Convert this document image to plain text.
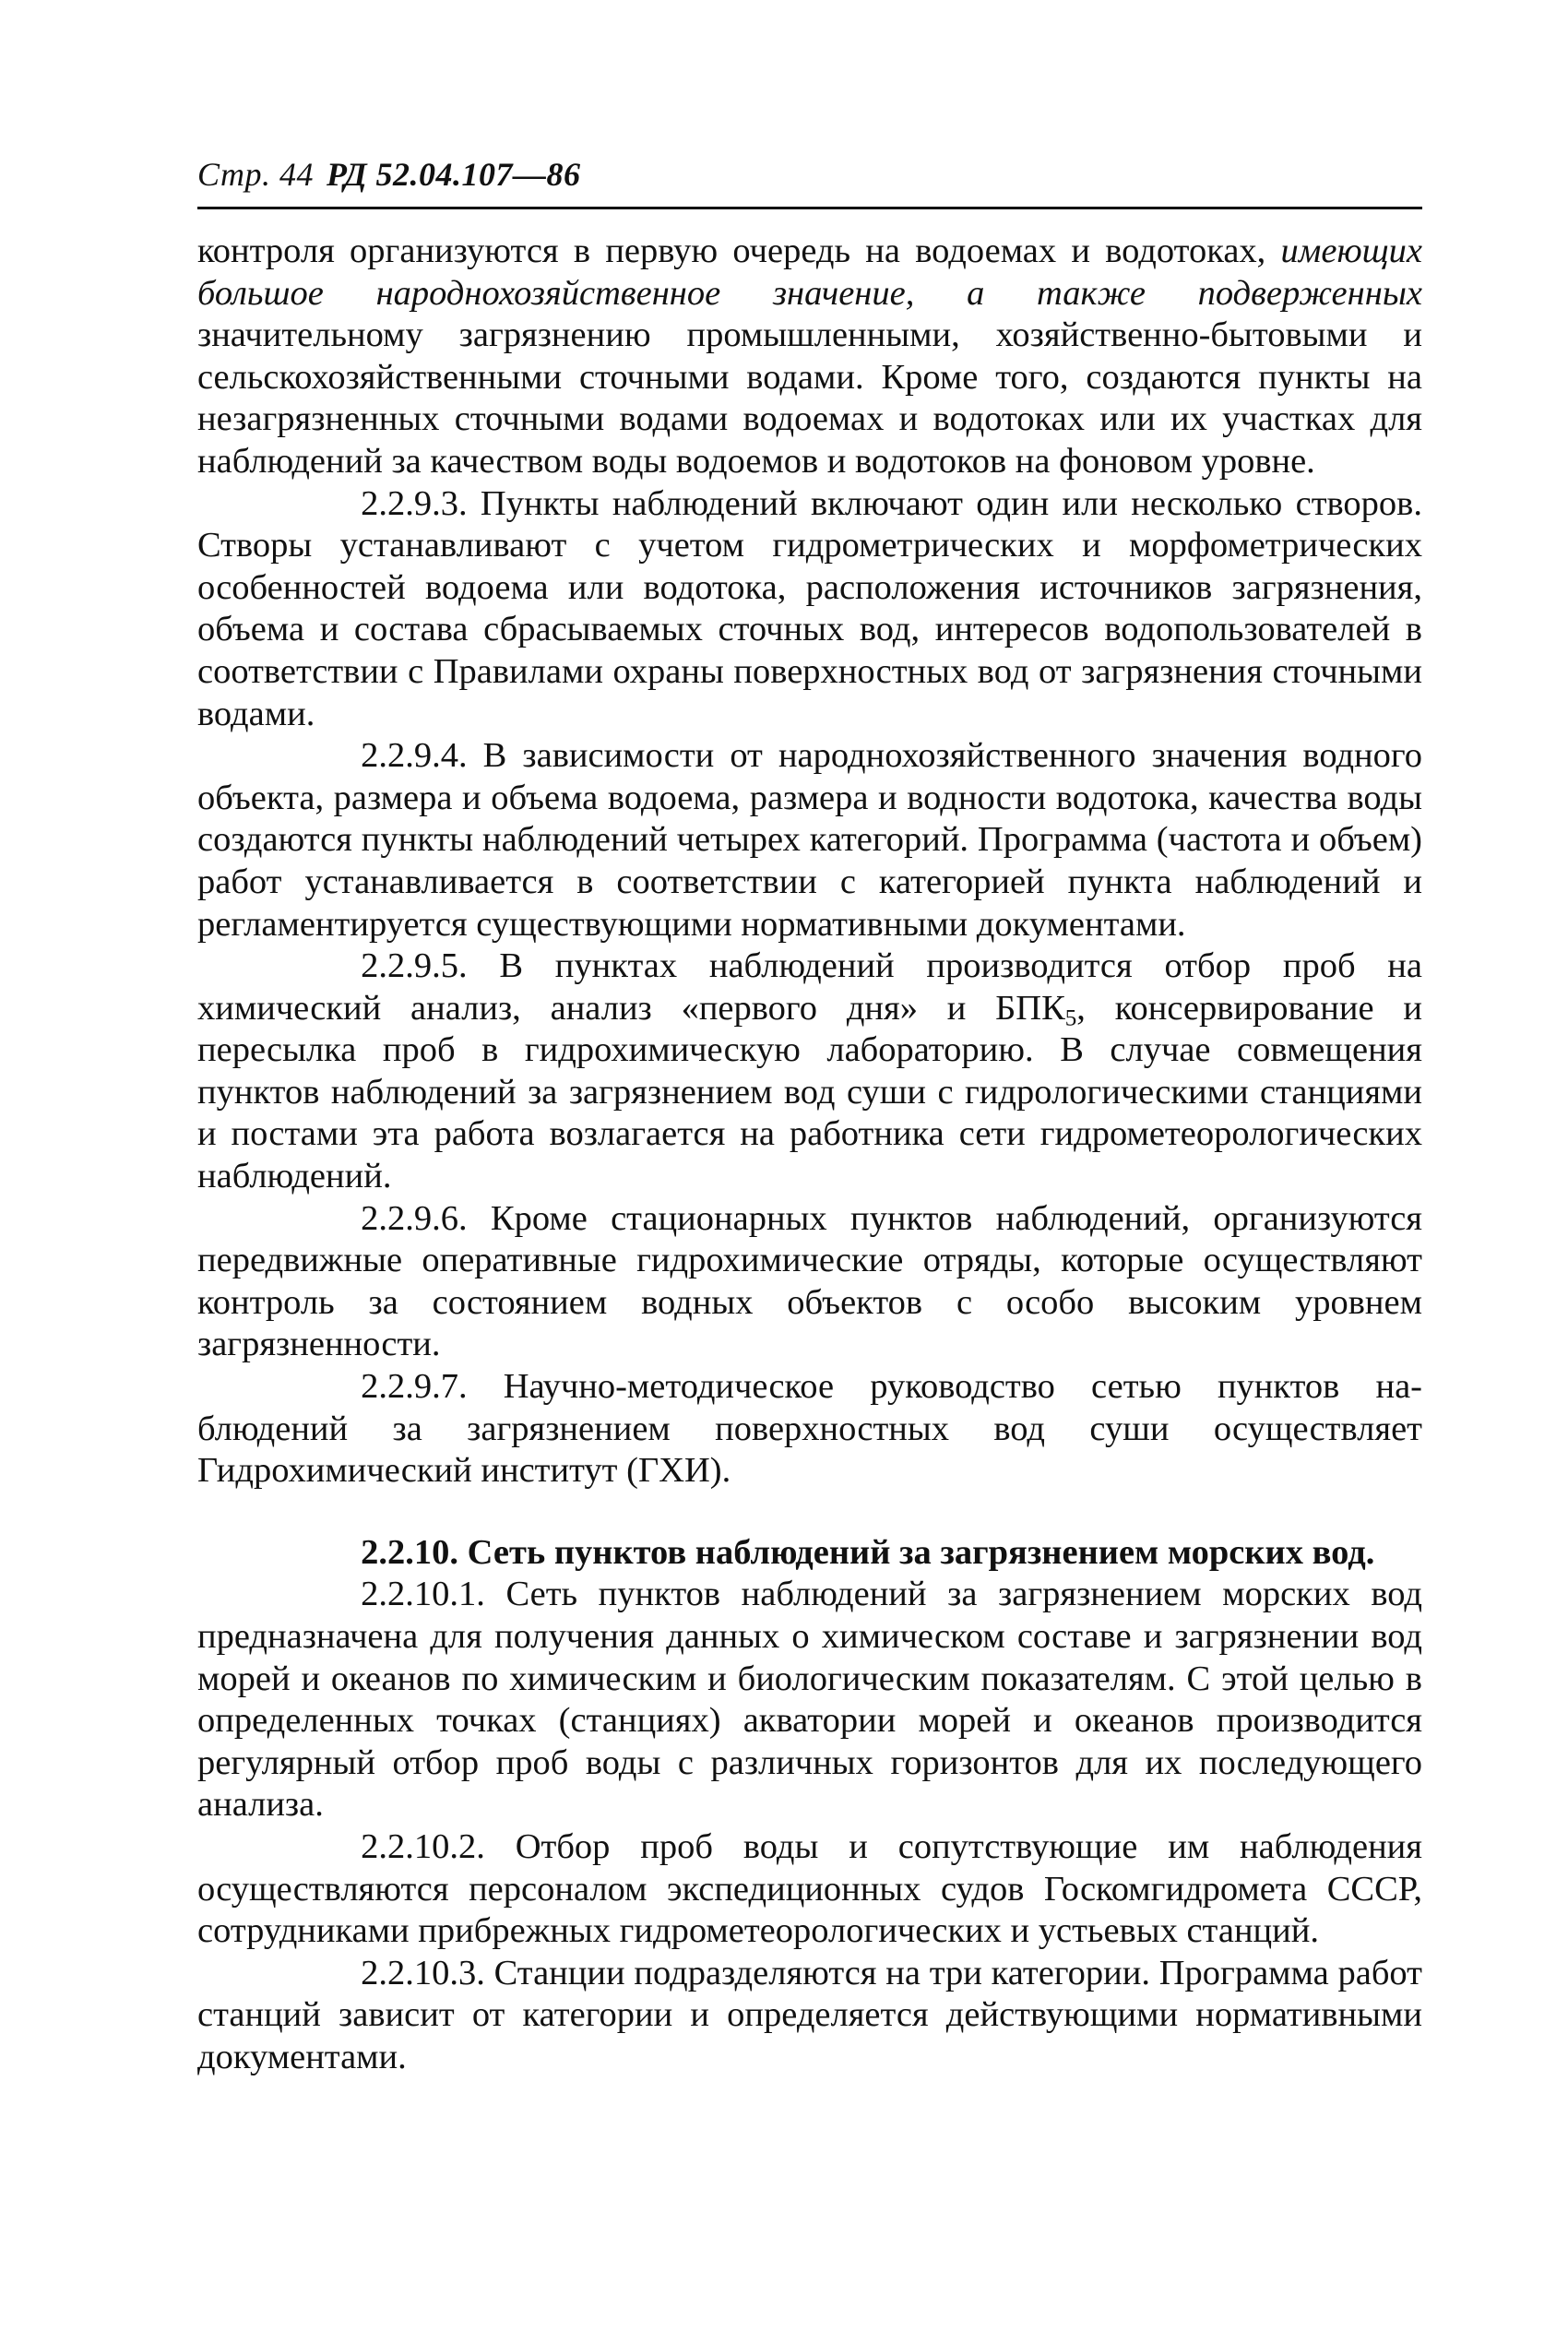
Стр. 44 РД 52.04.107—86

контроля организуются в первую очередь на водоемах и водотоках, имеющих большое народнохозяйственное значение, а также подверженных значительному загрязнению промышленными, хозяйственно-бытовыми и сельскохозяйственными сточными водами. Кроме того, создаются пункты на незагрязненных сточными водами водоемах и водотоках или их участках для наблюдений за качеством воды водоемов и водотоков на фоновом уровне.

2.2.9.3. Пункты наблюдений включают один или несколько створов. Створы устанавливают с учетом гидрометрических и морфометрических особенностей водоема или водотока, расположения источников загрязнения, объема и состава сбрасываемых сточных вод, интересов водопользователей в соответствии с Правилами охраны поверхностных вод от загрязнения сточными водами.

2.2.9.4. В зависимости от народнохозяйственного значения водного объекта, размера и объема водоема, размера и водности водотока, качества воды создаются пункты наблюдений четырех категорий. Программа (частота и объем) работ устанавливается в соответствии с категорией пункта наблюдений и регламентируется существующими нормативными документами.

2.2.9.5. В пунктах наблюдений производится отбор проб на химический анализ, анализ «первого дня» и $БПК_5$, консервирование и пересылка проб в гидрохимическую лабораторию. В случае совмещения пунктов наблюдений за загрязнением вод суши с гидрологическими станциями и постами эта работа возлагается на работника сети гидрометеорологических наблюдений.

2.2.9.6. Кроме стационарных пунктов наблюдений, организуются передвижные оперативные гидрохимические отряды, которые осуществляют контроль за состоянием водных объектов с особо высоким уровнем загрязненности.

2.2.9.7. Научно-методическое руководство сетью пунктов наблюдений за загрязнением поверхностных вод суши осуществляет Гидрохимический институт (ГХИ).

2.2.10. Сеть пунктов наблюдений за загрязнением морских вод.

2.2.10.1. Сеть пунктов наблюдений за загрязнением морских вод предназначена для получения данных о химическом составе и загрязнении вод морей и океанов по химическим и биологическим показателям. С этой целью в определенных точках (станциях) акватории морей и океанов производится регулярный отбор проб воды с различных горизонтов для их последующего анализа.

2.2.10.2. Отбор проб воды и сопутствующие им наблюдения осуществляются персоналом экспедиционных судов Госкомгидромета СССР, сотрудниками прибрежных гидрометеорологических и устьевых станций.

2.2.10.3. Станции подразделяются на три категории. Программа работ станций зависит от категории и определяется действующими нормативными документами.
